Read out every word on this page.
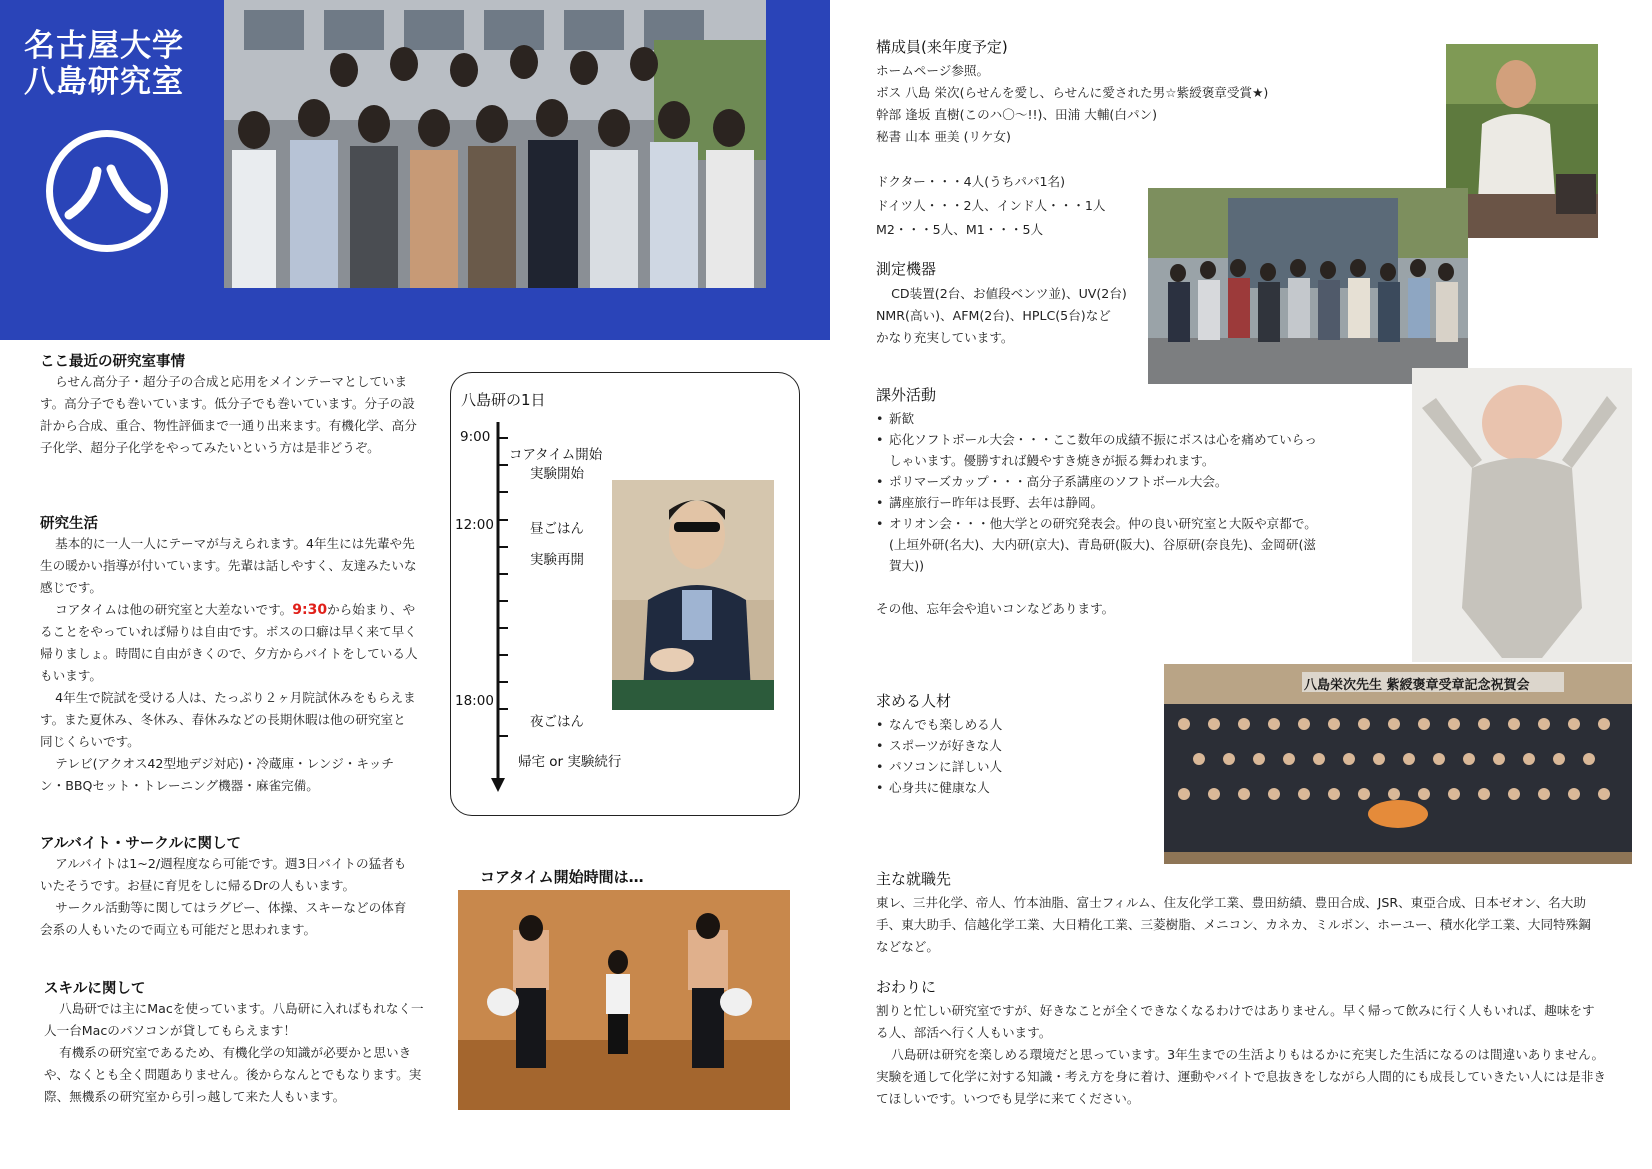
名古屋大学
八島研究室
ここ最近の研究室事情

らせん高分子・超分子の合成と応用をメインテーマとしています。高分子でも巻いています。低分子でも巻いています。分子の設計から合成、重合、物性評価まで一通り出来ます。有機化学、高分子化学、超分子化学をやってみたいという方は是非どうぞ。

研究生活

基本的に一人一人にテーマが与えられます。4年生には先輩や先生の暖かい指導が付いています。先輩は話しやすく、友達みたいな感じです。

コアタイムは他の研究室と大差ないです。9:30から始まり、やることをやっていれば帰りは自由です。ボスの口癖は早く来て早く帰りましょ。時間に自由がきくので、夕方からバイトをしている人もいます。

4年生で院試を受ける人は、たっぷり２ヶ月院試休みをもらえます。また夏休み、冬休み、春休みなどの長期休暇は他の研究室と同じくらいです。

テレビ(アクオス42型地デジ対応)・冷蔵庫・レンジ・キッチン・BBQセット・トレーニング機器・麻雀完備。

アルバイト・サークルに関して

アルバイトは1~2/週程度なら可能です。週3日バイトの猛者もいたそうです。お昼に育児をしに帰るDrの人もいます。

サークル活動等に関してはラグビー、体操、スキーなどの体育会系の人もいたので両立も可能だと思われます。

スキルに関して

八島研では主にMacを使っています。八島研に入ればもれなく一人一台Macのパソコンが貸してもらえます！

有機系の研究室であるため、有機化学の知識が必要かと思いきや、なくとも全く問題ありません。後からなんとでもなります。実際、無機系の研究室から引っ越して来た人もいます。

八島研の1日
9:00
12:00
18:00
コアタイム開始
実験開始
昼ごはん
実験再開
夜ごはん
帰宅 or 実験続行
コアタイム開始時間は…
構成員(来年度予定)

ホームページ参照。

ボス 八島 栄次(らせんを愛し、らせんに愛された男☆紫綬褒章受賞★)

幹部 逢坂 直樹(このハ〇〜!!)、田浦 大輔(白パン)

秘書 山本 亜美 (リケ女)

ドクター・・・4人(うちパパ1名)

ドイツ人・・・2人、インド人・・・1人

M2・・・5人、M1・・・5人

測定機器

CD装置(2台、お値段ベンツ並)、UV(2台)

NMR(高い)、AFM(2台)、HPLC(5台)など

かなり充実しています。

課外活動
• 新歓
• 応化ソフトボール大会・・・ここ数年の成績不振にボスは心を痛めていらっしゃいます。優勝すれば鰻やすき焼きが振る舞われます。
• ポリマーズカップ・・・高分子系講座のソフトボール大会。
• 講座旅行ー昨年は長野、去年は静岡。
• オリオン会・・・他大学との研究発表会。仲の良い研究室と大阪や京都で。(上垣外研(名大)、大内研(京大)、青島研(阪大)、谷原研(奈良先)、金岡研(滋賀大))
その他、忘年会や追いコンなどあります。
八島栄次先生 紫綬褒章受章記念祝賀会
求める人材
• なんでも楽しめる人
• スポーツが好きな人
• パソコンに詳しい人
• 心身共に健康な人
主な就職先
東レ、三井化学、帝人、竹本油脂、富士フィルム、住友化学工業、豊田紡績、豊田合成、JSR、東亞合成、日本ゼオン、名大助手、東大助手、信越化学工業、大日精化工業、三菱樹脂、メニコン、カネカ、ミルボン、ホーユー、積水化学工業、大同特殊鋼　などなど。
おわりに

割りと忙しい研究室ですが、好きなことが全くできなくなるわけではありません。早く帰って飲みに行く人もいれば、趣味をする人、部活へ行く人もいます。

八島研は研究を楽しめる環境だと思っています。3年生までの生活よりもはるかに充実した生活になるのは間違いありません。実験を通して化学に対する知識・考え方を身に着け、運動やバイトで息抜きをしながら人間的にも成長していきたい人には是非きてほしいです。いつでも見学に来てください。
